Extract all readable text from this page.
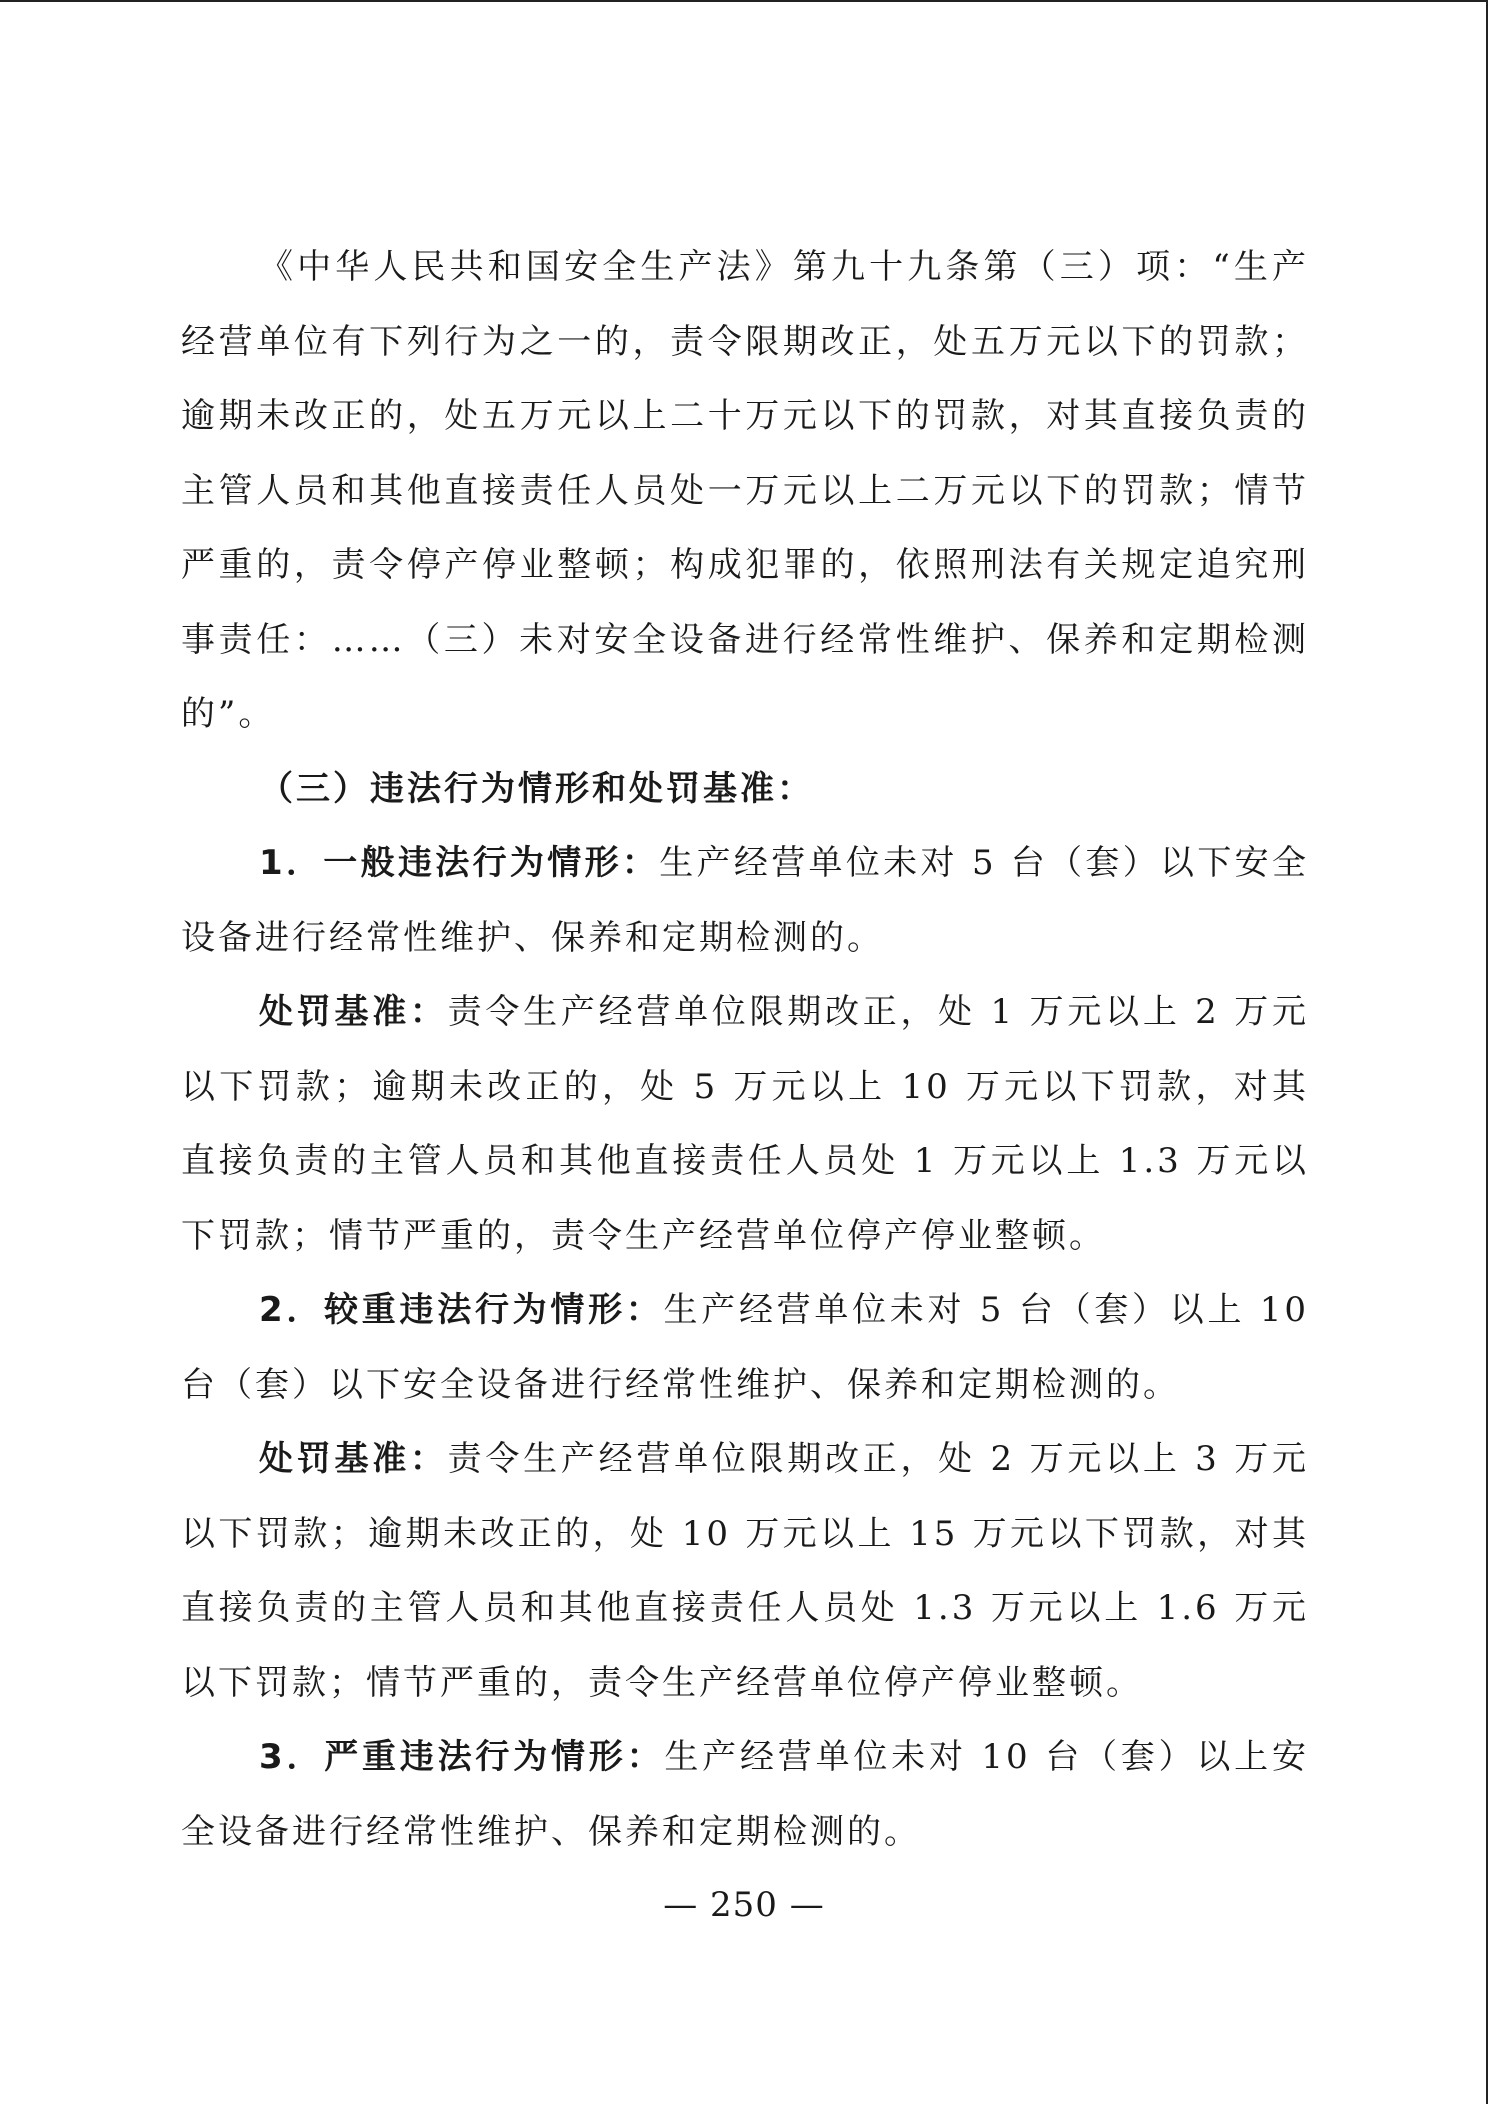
《中华人民共和国安全生产法》第九十九条第（三）项：“生产经营单位有下列行为之一的，责令限期改正，处五万元以下的罚款；逾期未改正的，处五万元以上二十万元以下的罚款，对其直接负责的主管人员和其他直接责任人员处一万元以上二万元以下的罚款；情节严重的，责令停产停业整顿；构成犯罪的，依照刑法有关规定追究刑事责任：……（三）未对安全设备进行经常性维护、保养和定期检测的”。

（三）违法行为情形和处罚基准：

1．一般违法行为情形：生产经营单位未对 5 台（套）以下安全设备进行经常性维护、保养和定期检测的。

处罚基准：责令生产经营单位限期改正，处 1 万元以上 2 万元以下罚款；逾期未改正的，处 5 万元以上 10 万元以下罚款，对其直接负责的主管人员和其他直接责任人员处 1 万元以上 1.3 万元以下罚款；情节严重的，责令生产经营单位停产停业整顿。

2．较重违法行为情形：生产经营单位未对 5 台（套）以上 10 台（套）以下安全设备进行经常性维护、保养和定期检测的。

处罚基准：责令生产经营单位限期改正，处 2 万元以上 3 万元以下罚款；逾期未改正的，处 10 万元以上 15 万元以下罚款，对其直接负责的主管人员和其他直接责任人员处 1.3 万元以上 1.6 万元以下罚款；情节严重的，责令生产经营单位停产停业整顿。

3．严重违法行为情形：生产经营单位未对 10 台（套）以上安全设备进行经常性维护、保养和定期检测的。

— 250 —
